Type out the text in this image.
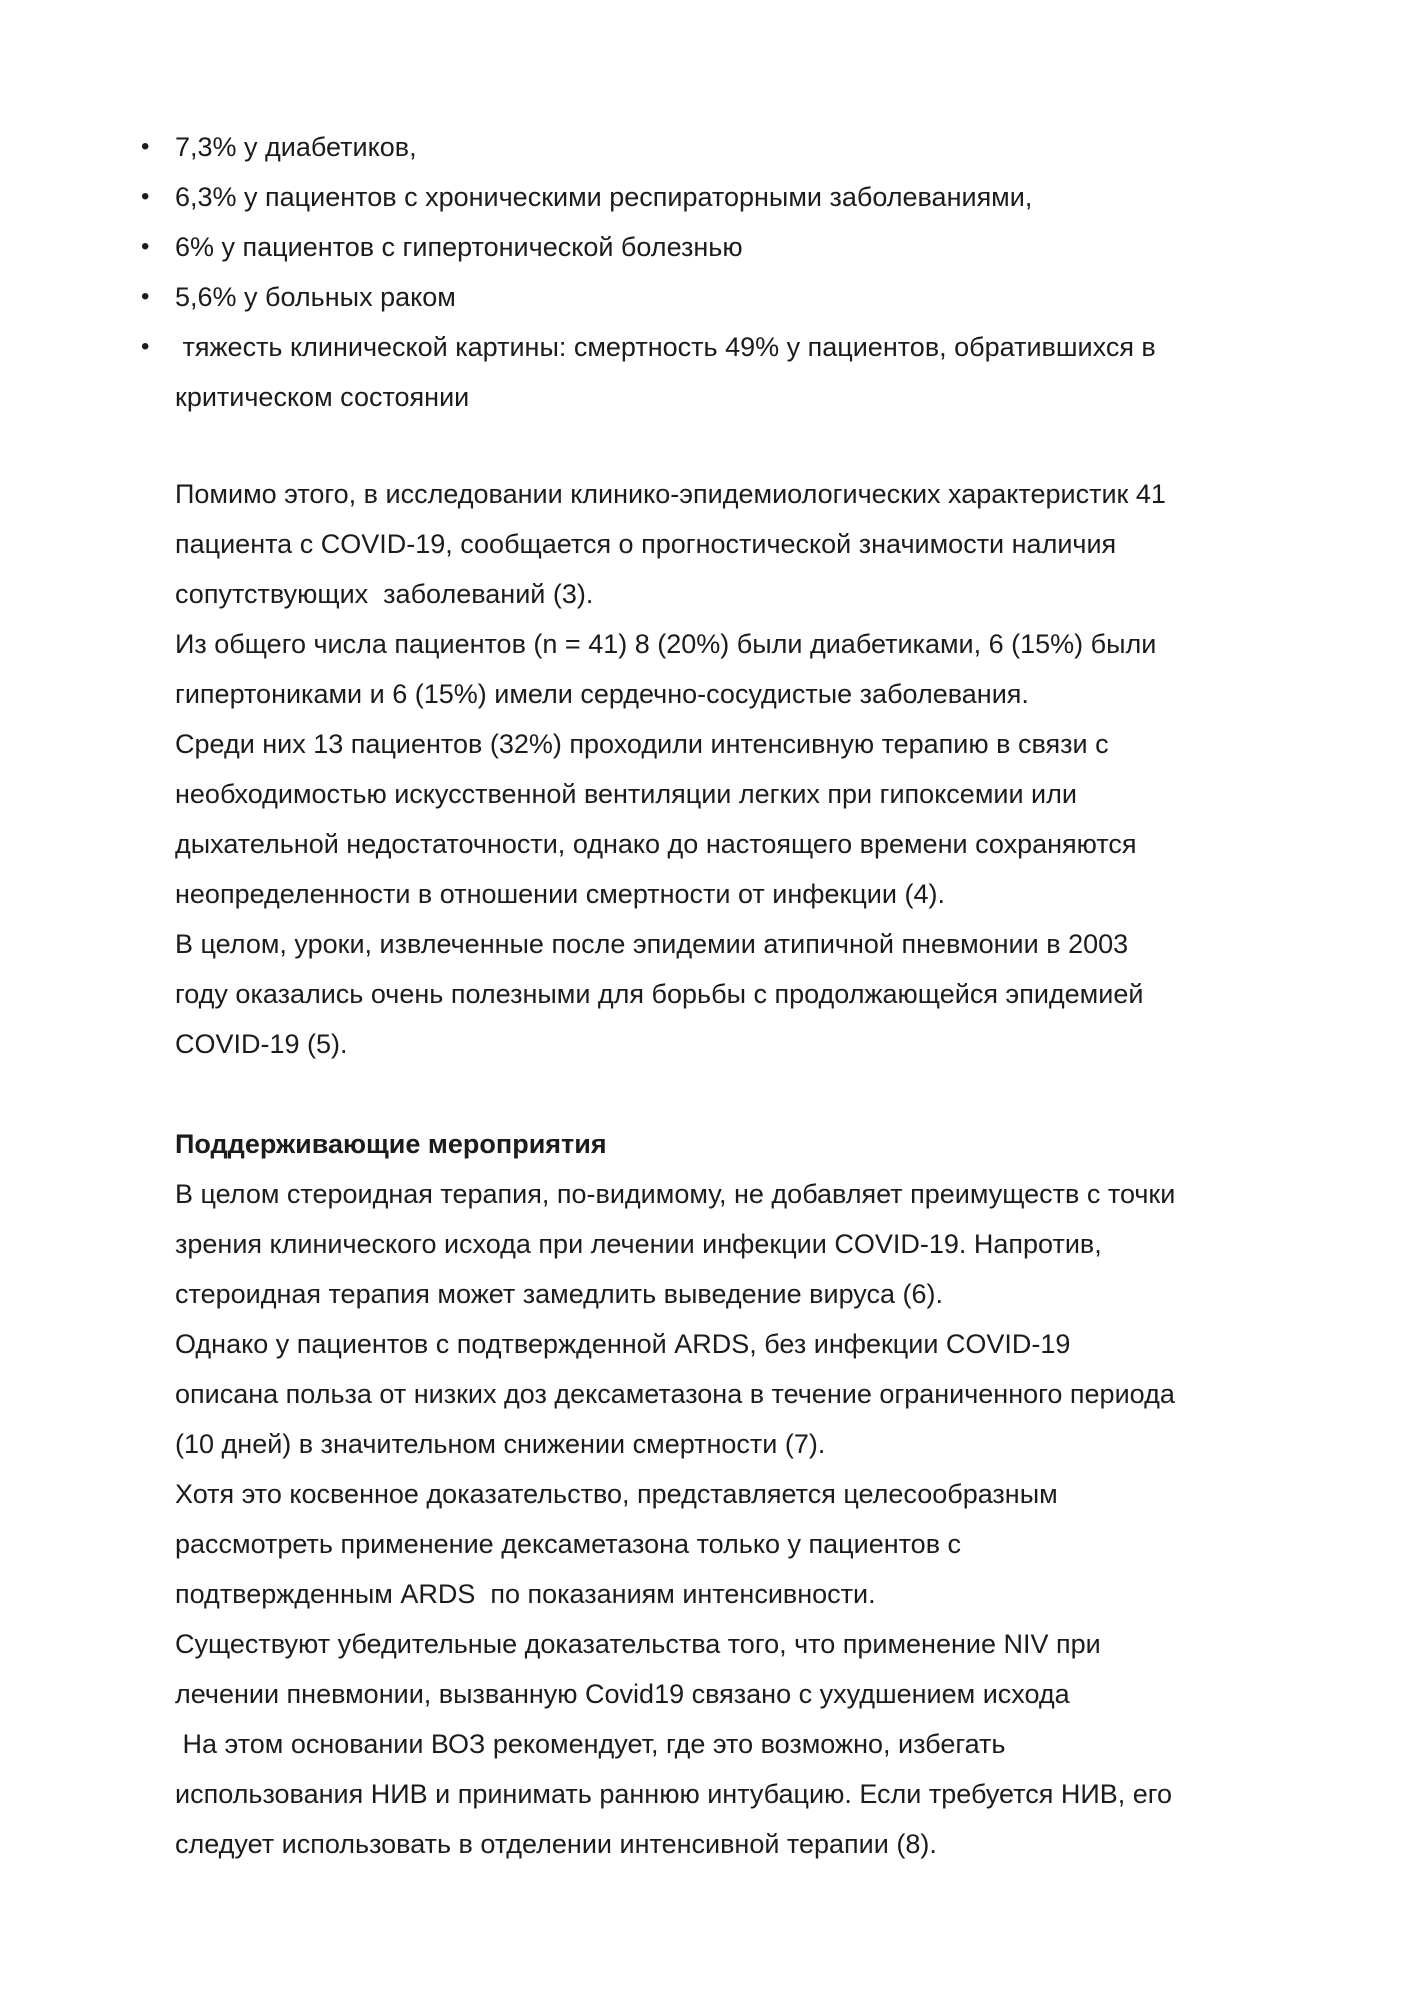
• 7,3% у диабетиков,
• 6,3% у пациентов с хроническими респираторными заболеваниями,
• 6% у пациентов с гипертонической болезнью
• 5,6% у больных раком
• тяжесть клинической картины: смертность 49% у пациентов, обратившихся в
критическом состоянии
Помимо этого, в исследовании клинико-эпидемиологических характеристик 41
пациента с COVID-19, сообщается о прогностической значимости наличия
сопутствующих  заболеваний (3).
Из общего числа пациентов (n = 41) 8 (20%) были диабетиками, 6 (15%) были
гипертониками и 6 (15%) имели сердечно-сосудистые заболевания.
Среди них 13 пациентов (32%) проходили интенсивную терапию в связи с
необходимостью искусственной вентиляции легких при гипоксемии или
дыхательной недостаточности, однако до настоящего времени сохраняются
неопределенности в отношении смертности от инфекции (4).
В целом, уроки, извлеченные после эпидемии атипичной пневмонии в 2003
году оказались очень полезными для борьбы с продолжающейся эпидемией
COVID-19 (5).
Поддерживающие мероприятия
В целом стероидная терапия, по-видимому, не добавляет преимуществ с точки
зрения клинического исхода при лечении инфекции COVID-19. Напротив,
стероидная терапия может замедлить выведение вируса (6).
Однако у пациентов с подтвержденной ARDS, без инфекции COVID-19
описана польза от низких доз дексаметазона в течение ограниченного периода
(10 дней) в значительном снижении смертности (7).
Хотя это косвенное доказательство, представляется целесообразным
рассмотреть применение дексаметазона только у пациентов с
подтвержденным ARDS  по показаниям интенсивности.
Существуют убедительные доказательства того, что применение NIV при
лечении пневмонии, вызванную Covid19 связано с ухудшением исхода
На этом основании ВОЗ рекомендует, где это возможно, избегать
использования НИВ и принимать раннюю интубацию. Если требуется НИВ, его
следует использовать в отделении интенсивной терапии (8).
